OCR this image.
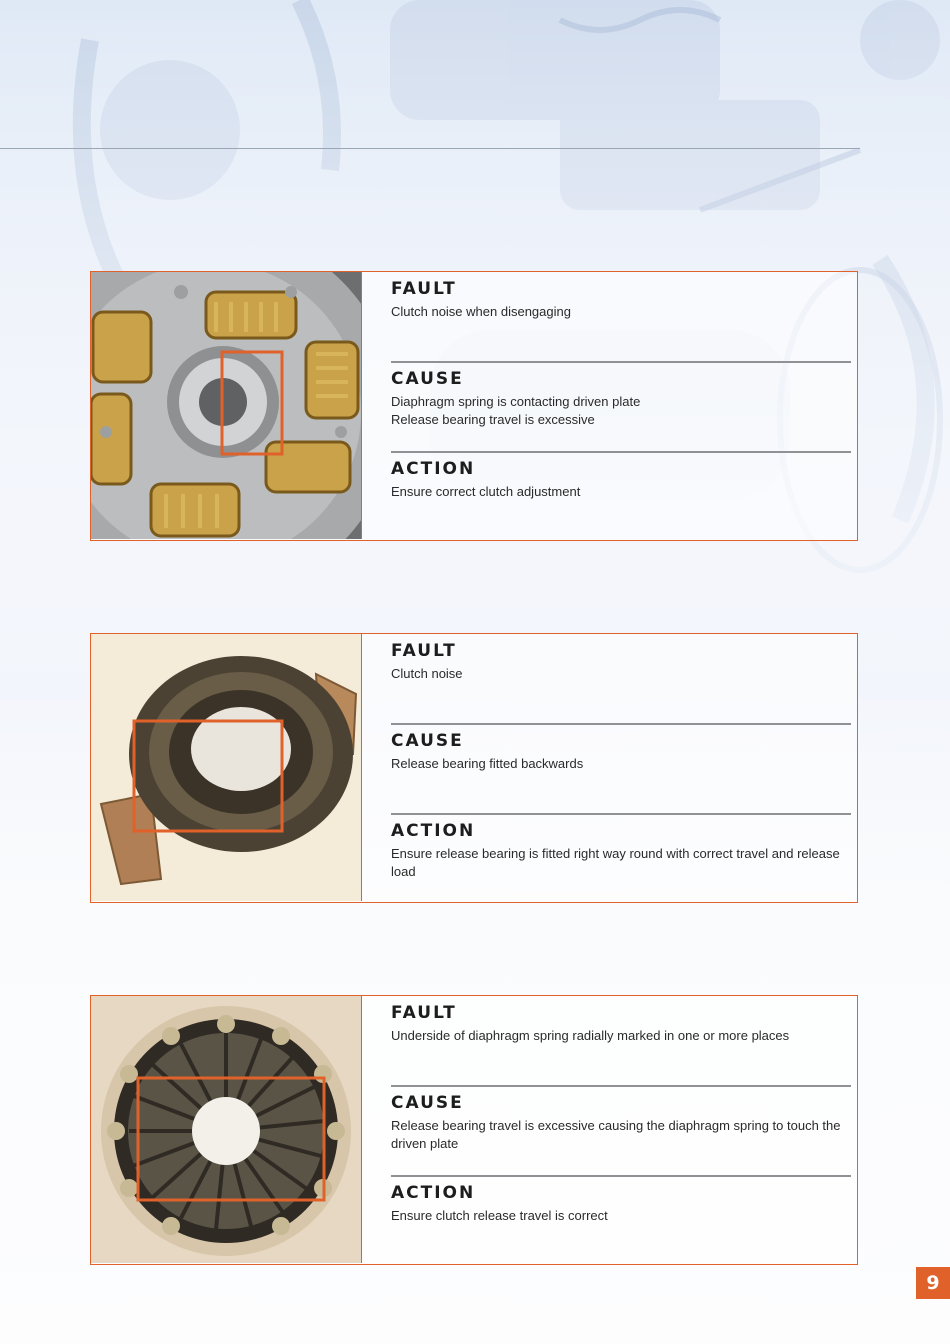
FAULT

Clutch noise when disengaging

CAUSE

Diaphragm spring is contacting driven plate
Release bearing travel is excessive

ACTION

Ensure correct clutch adjustment

FAULT

Clutch noise

CAUSE

Release bearing fitted backwards

ACTION

Ensure release bearing is fitted right way round with correct travel and release load

FAULT

Underside of diaphragm spring radially marked in one or more places

CAUSE

Release bearing travel is excessive causing the diaphragm spring to touch the driven plate

ACTION

Ensure clutch release travel is correct

9
